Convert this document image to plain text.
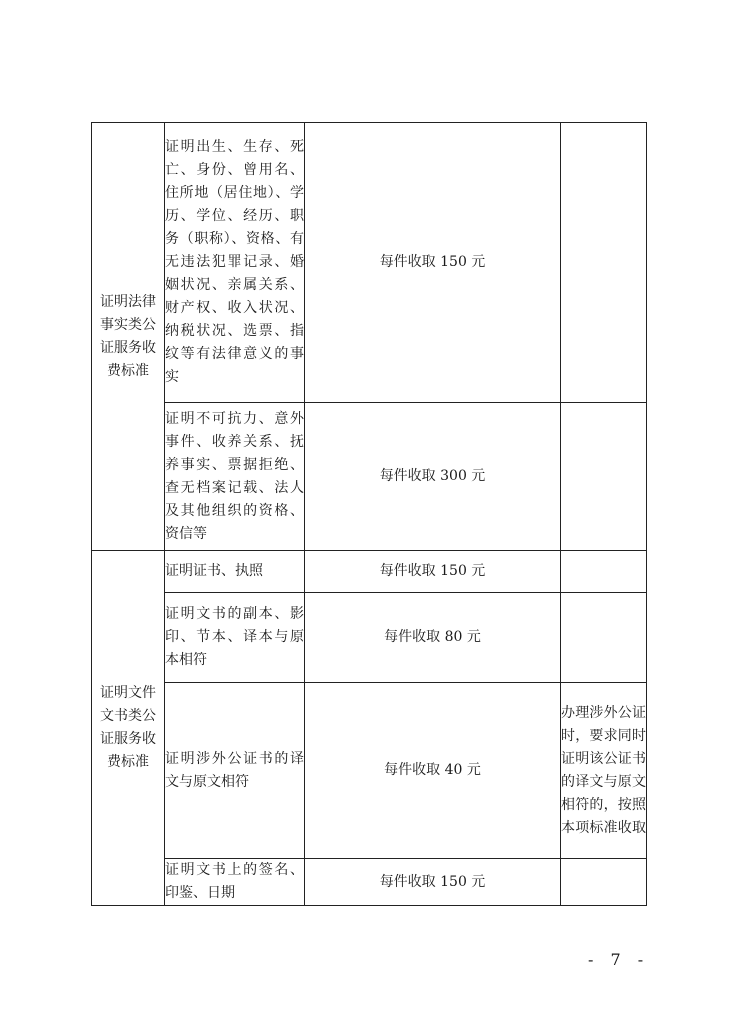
证明法律事实类公证服务收费标准	证明出生、生存、死亡、身份、曾用名、住所地（居住地）、学历、学位、经历、职务（职称）、资格、有无违法犯罪记录、婚姻状况、亲属关系、财产权、收入状况、纳税状况、选票、指纹等有法律意义的事实	每件收取 150 元	
	证明不可抗力、意外事件、收养关系、抚养事实、票据拒绝、查无档案记载、法人及其他组织的资格、资信等	每件收取 300 元	
证明文件文书类公证服务收费标准	证明证书、执照	每件收取 150 元	
	证明文书的副本、影印、节本、译本与原本相符	每件收取 80 元	
	证明涉外公证书的译文与原文相符	每件收取 40 元	办理涉外公证时，要求同时证明该公证书的译文与原文相符的，按照本项标准收取
	证明文书上的签名、印鉴、日期	每件收取 150 元	
- 7 -
